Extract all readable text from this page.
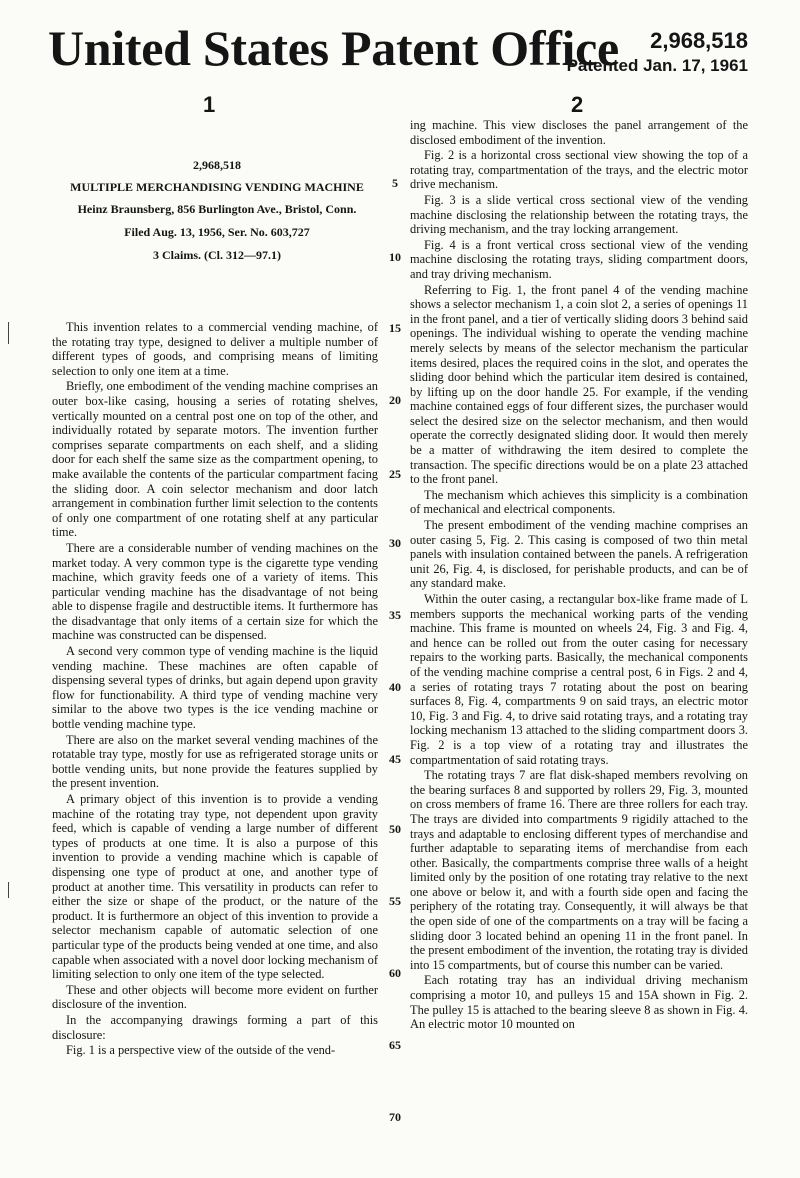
United States Patent Office 2,968,518
Patented Jan. 17, 1961
1	2
2,968,518
MULTIPLE MERCHANDISING VENDING MACHINE
Heinz Braunsberg, 856 Burlington Ave., Bristol, Conn.
Filed Aug. 13, 1956, Ser. No. 603,727
3 Claims. (Cl. 312—97.1)

This invention relates to a commercial vending machine, of the rotating tray type, designed to deliver a multiple number of different types of goods, and comprising means of limiting selection to only one item at a time.

Briefly, one embodiment of the vending machine comprises an outer box-like casing, housing a series of rotating shelves, vertically mounted on a central post one on top of the other, and individually rotated by separate motors. The invention further comprises separate compartments on each shelf, and a sliding door for each shelf the same size as the compartment opening, to make available the contents of the particular compartment facing the sliding door. A coin selector mechanism and door latch arrangement in combination further limit selection to the contents of only one compartment of one rotating shelf at any particular time.

There are a considerable number of vending machines on the market today. A very common type is the cigarette type vending machine, which gravity feeds one of a variety of items. This particular vending machine has the disadvantage of not being able to dispense fragile and destructible items. It furthermore has the disadvantage that only items of a certain size for which the machine was constructed can be dispensed.

A second very common type of vending machine is the liquid vending machine. These machines are often capable of dispensing several types of drinks, but again depend upon gravity flow for functionability. A third type of vending machine very similar to the above two types is the ice vending machine or bottle vending machine type.

There are also on the market several vending machines of the rotatable tray type, mostly for use as refrigerated storage units or bottle vending units, but none provide the features supplied by the present invention.

A primary object of this invention is to provide a vending machine of the rotating tray type, not dependent upon gravity feed, which is capable of vending a large number of different types of products at one time. It is also a purpose of this invention to provide a vending machine which is capable of dispensing one type of product at one, and another type of product at another time. This versatility in products can refer to either the size or shape of the product, or the nature of the product. It is furthermore an object of this invention to provide a selector mechanism capable of automatic selection of one particular type of the products being vended at one time, and also capable when associated with a novel door locking mechanism of limiting selection to only one item of the type selected.

These and other objects will become more evident on further disclosure of the invention.

In the accompanying drawings forming a part of this disclosure:

Fig. 1 is a perspective view of the outside of the vend-

5
10
15
20
25
30
35
40
45
50
55
60
65
70

ing machine. This view discloses the panel arrangement of the disclosed embodiment of the invention.

Fig. 2 is a horizontal cross sectional view showing the top of a rotating tray, compartmentation of the trays, and the electric motor drive mechanism.

Fig. 3 is a slide vertical cross sectional view of the vending machine disclosing the relationship between the rotating trays, the driving mechanism, and the tray locking arrangement.

Fig. 4 is a front vertical cross sectional view of the vending machine disclosing the rotating trays, sliding compartment doors, and tray driving mechanism.

Referring to Fig. 1, the front panel 4 of the vending machine shows a selector mechanism 1, a coin slot 2, a series of openings 11 in the front panel, and a tier of vertically sliding doors 3 behind said openings. The individual wishing to operate the vending machine merely selects by means of the selector mechanism the particular items desired, places the required coins in the slot, and operates the sliding door behind which the particular item desired is contained, by lifting up on the door handle 25. For example, if the vending machine contained eggs of four different sizes, the purchaser would select the desired size on the selector mechanism, and then would operate the correctly designated sliding door. It would then merely be a matter of withdrawing the item desired to complete the transaction. The specific directions would be on a plate 23 attached to the front panel.

The mechanism which achieves this simplicity is a combination of mechanical and electrical components.

The present embodiment of the vending machine comprises an outer casing 5, Fig. 2. This casing is composed of two thin metal panels with insulation contained between the panels. A refrigeration unit 26, Fig. 4, is disclosed, for perishable products, and can be of any standard make.

Within the outer casing, a rectangular box-like frame made of L members supports the mechanical working parts of the vending machine. This frame is mounted on wheels 24, Fig. 3 and Fig. 4, and hence can be rolled out from the outer casing for necessary repairs to the working parts. Basically, the mechanical components of the vending machine comprise a central post, 6 in Figs. 2 and 4, a series of rotating trays 7 rotating about the post on bearing surfaces 8, Fig. 4, compartments 9 on said trays, an electric motor 10, Fig. 3 and Fig. 4, to drive said rotating trays, and a rotating tray locking mechanism 13 attached to the sliding compartment doors 3. Fig. 2 is a top view of a rotating tray and illustrates the compartmentation of said rotating trays.

The rotating trays 7 are flat disk-shaped members revolving on the bearing surfaces 8 and supported by rollers 29, Fig. 3, mounted on cross members of frame 16. There are three rollers for each tray. The trays are divided into compartments 9 rigidily attached to the trays and adaptable to enclosing different types of merchandise and further adaptable to separating items of merchandise from each other. Basically, the compartments comprise three walls of a height limited only by the position of one rotating tray relative to the next one above or below it, and with a fourth side open and facing the periphery of the rotating tray. Consequently, it will always be that the open side of one of the compartments on a tray will be facing a sliding door 3 located behind an opening 11 in the front panel. In the present embodiment of the invention, the rotating tray is divided into 15 compartments, but of course this number can be varied.

Each rotating tray has an individual driving mechanism comprising a motor 10, and pulleys 15 and 15A shown in Fig. 2. The pulley 15 is attached to the bearing sleeve 8 as shown in Fig. 4. An electric motor 10 mounted on
